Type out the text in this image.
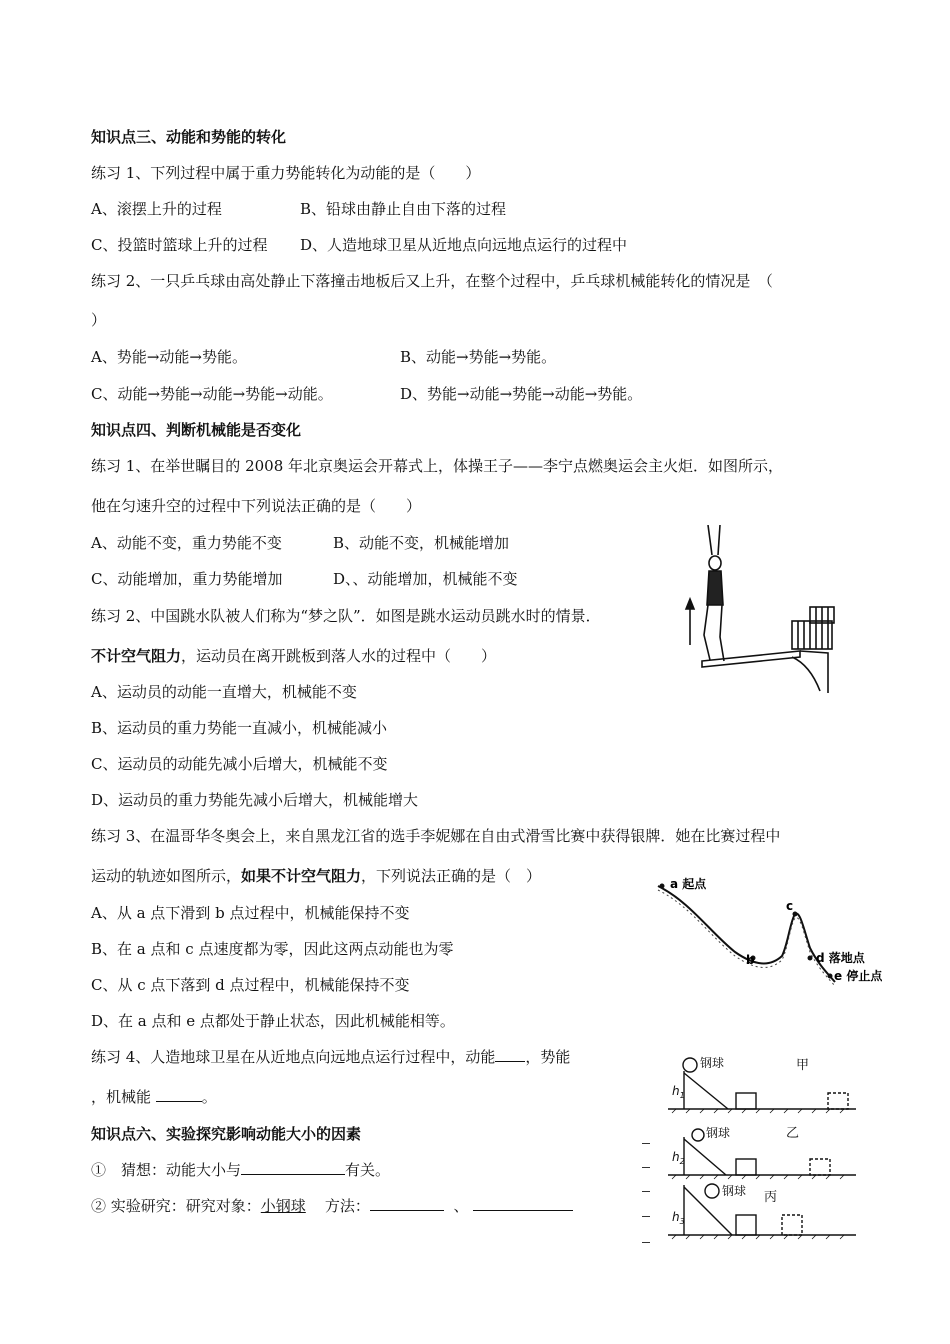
知识点三、动能和势能的转化
练习 1、下列过程中属于重力势能转化为动能的是（　　）
A、滚摆上升的过程	B、铅球由静止自由下落的过程
C、投篮时篮球上升的过程 D、人造地球卫星从近地点向远地点运行的过程中
练习 2、一只乒乓球由高处静止下落撞击地板后又上升，在整个过程中，乒乓球机械能转化的情况是　（
）
A、势能→动能→势能。	B、动能→势能→势能。
C、动能→势能→动能→势能→动能。	D、势能→动能→势能→动能→势能。
知识点四、判断机械能是否变化
练习 1、在举世瞩目的 2008 年北京奥运会开幕式上，体操王子——李宁点燃奥运会主火炬．如图所示，
他在匀速升空的过程中下列说法正确的是（　　）
A、动能不变，重力势能不变	B、动能不变，机械能增加
C、动能增加，重力势能增加	D、、动能增加，机械能不变
练习 2、中国跳水队被人们称为“梦之队”．如图是跳水运动员跳水时的情景．
不计空气阻力，运动员在离开跳板到落人水的过程中（　　）
A、运动员的动能一直增大，机械能不变
B、运动员的重力势能一直减小，机械能减小
C、运动员的动能先减小后增大，机械能不变
D、运动员的重力势能先减小后增大，机械能增大
练习 3、在温哥华冬奥会上，来自黑龙江省的选手李妮娜在自由式滑雪比赛中获得银牌．她在比赛过程中
运动的轨迹如图所示，如果不计空气阻力，下列说法正确的是（　）
A、从 a 点下滑到 b 点过程中，机械能保持不变
B、在 a 点和 c 点速度都为零，因此这两点动能也为零
C、从 c 点下落到 d 点过程中，机械能保持不变
D、在 a 点和 e 点都处于静止状态，因此机械能相等。
练习 4、人造地球卫星在从近地点向远地点运行过程中，动能 ，势能
，机械能	。
知识点六、实验探究影响动能大小的因素
①　猜想：动能大小与	有关。
② 实验研究：研究对象：小钢球 方法：	、
a 起点
b
c
d 落地点
e 停止点
钢球
钢球
钢球
甲
乙
丙
$h_1$
$h_2$
$h_3$
